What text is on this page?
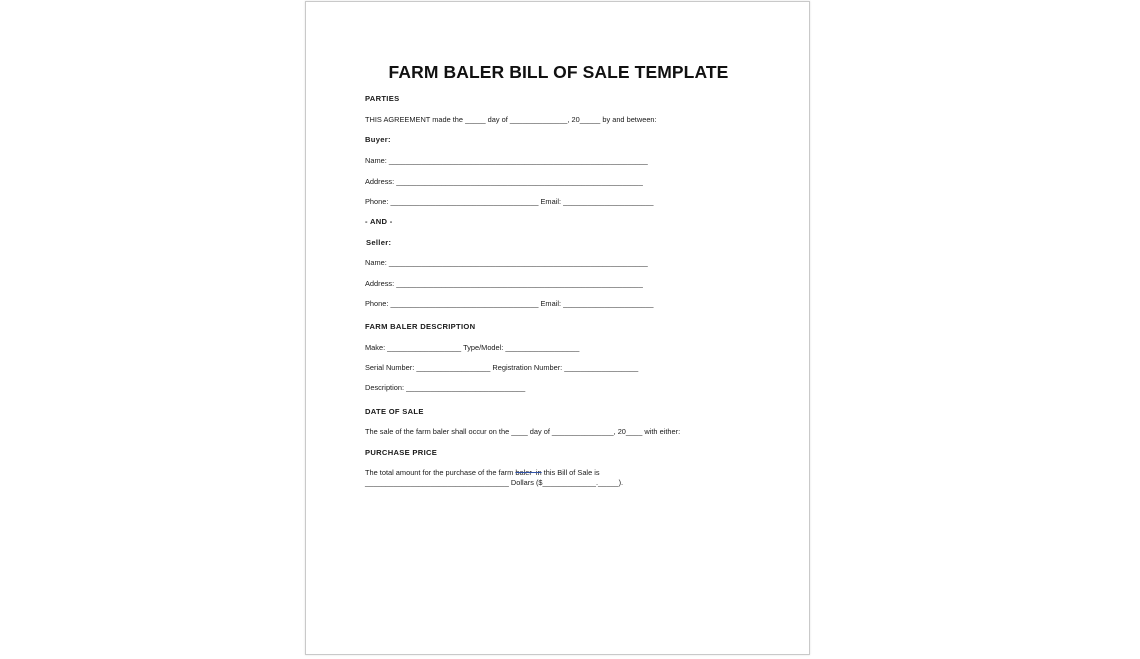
FARM BALER BILL OF SALE TEMPLATE
PARTIES
THIS AGREEMENT made the _____ day of ______________, 20_____ by and between:
Buyer:
Name: _______________________________________________________________
Address: ____________________________________________________________
Phone: ____________________________________ Email: ______________________
- AND -
Seller:
Name: _______________________________________________________________
Address: ____________________________________________________________
Phone: ____________________________________ Email: ______________________
FARM BALER DESCRIPTION
Make: __________________ Type/Model: __________________
Serial Number: __________________ Registration Number: __________________
Description: _____________________________
DATE OF SALE
The sale of the farm baler shall occur on the ____ day of _______________, 20____ with either:
PURCHASE PRICE
The total amount for the purchase of the farm baler  in this Bill of Sale is
___________________________________ Dollars ($_____________._____).
